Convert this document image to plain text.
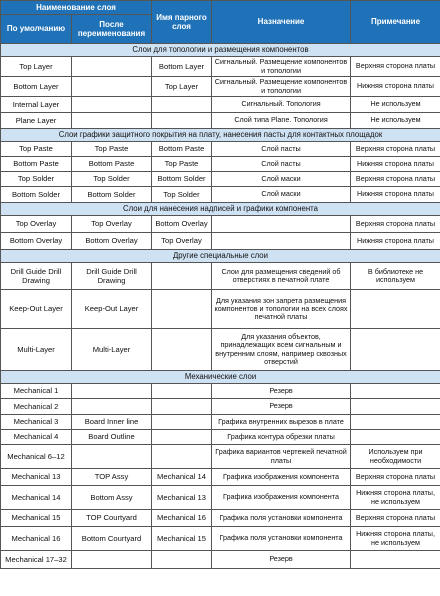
Наименование слоя		Имя парного слоя	Назначение	Примечание
По умолчанию	После переименования			
Слои для топологии и размещения компонентов				
Top Layer		Bottom Layer	Сигнальный. Размещение компонентов и топологии	Верхняя сторона платы
Bottom Layer		Top Layer	Сигнальный. Размещение компонентов и топологии	Нижняя сторона платы
Internal Layer			Сигнальный. Топология	Не используем
Plane Layer			Слой типа Plane. Топология	Не используем
Слои графики защитного покрытия на плату, нанесения пасты для контактных площадок				
Top Paste	Top Paste	Bottom Paste	Слой пасты	Верхняя сторона платы
Bottom Paste	Bottom Paste	Top Paste	Слой пасты	Нижняя сторона платы
Top Solder	Top Solder	Bottom Solder	Слой маски	Верхняя сторона платы
Bottom Solder	Bottom Solder	Top Solder	Слой маски	Нижняя сторона платы
Слои для нанесения надписей и графики компонента				
Top Overlay	Top Overlay	Bottom Overlay		Верхняя сторона платы
Bottom Overlay	Bottom Overlay	Top Overlay		Нижняя сторона платы
Другие специальные слои				
Drill Guide Drill Drawing	Drill Guide Drill Drawing		Слои для размещения сведений об отверстиях в печатной плате	В библиотеке не используем
Keep-Out Layer	Keep-Out Layer		Для указания зон запрета размещения компонентов и топологии на всех слоях печатной платы	
Multi-Layer	Multi-Layer		Для указания объектов, принадлежащих всем сигнальным и внутренним слоям, например сквозных отверстий	
Механические слои				
Mechanical 1			Резерв	
Mechanical 2			Резерв	
Mechanical 3	Board Inner line		Графика внутренних вырезов в плате	
Mechanical 4	Board Outline		Графика контура обрезки платы	
Mechanical 6–12			Графика вариантов чертежей печатной платы	Используем при необходимости
Mechanical 13	TOP Assy	Mechanical 14	Графика изображения компонента	Верхняя сторона платы
Mechanical 14	Bottom Assy	Mechanical 13	Графика изображения компонента	Нижняя сторона платы, не используем
Mechanical 15	TOP Courtyard	Mechanical 16	Графика поля установки компонента	Верхняя сторона платы
Mechanical 16	Bottom Courtyard	Mechanical 15	Графика поля установки компонента	Нижняя сторона платы, не используем
Mechanical 17–32			Резерв	
